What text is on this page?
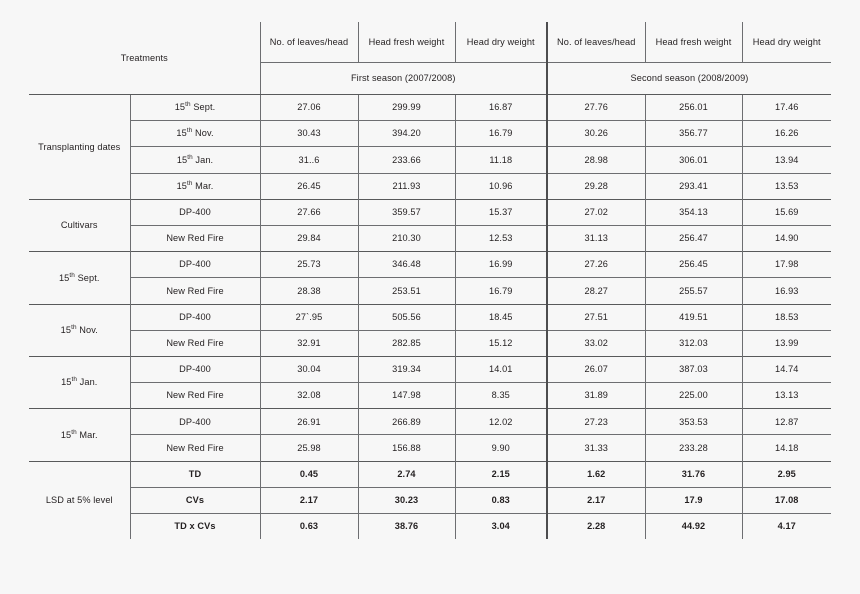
Treatments		No. of leaves/head	Head fresh weight	Head dry weight	No. of leaves/head	Head fresh weight	Head dry weight
		First season (2007/2008)			Second season (2008/2009)		
Transplanting dates	15th Sept.	27.06	299.99	16.87	27.76	256.01	17.46
	15th Nov.	30.43	394.20	16.79	30.26	356.77	16.26
	15th Jan.	31..6	233.66	11.18	28.98	306.01	13.94
	15th Mar.	26.45	211.93	10.96	29.28	293.41	13.53
Cultivars	DP-400	27.66	359.57	15.37	27.02	354.13	15.69
	New Red Fire	29.84	210.30	12.53	31.13	256.47	14.90
15th Sept.	DP-400	25.73	346.48	16.99	27.26	256.45	17.98
	New Red Fire	28.38	253.51	16.79	28.27	255.57	16.93
15th Nov.	DP-400	27`.95	505.56	18.45	27.51	419.51	18.53
	New Red Fire	32.91	282.85	15.12	33.02	312.03	13.99
15th Jan.	DP-400	30.04	319.34	14.01	26.07	387.03	14.74
	New Red Fire	32.08	147.98	8.35	31.89	225.00	13.13
15th Mar.	DP-400	26.91	266.89	12.02	27.23	353.53	12.87
	New Red Fire	25.98	156.88	9.90	31.33	233.28	14.18
LSD at 5% level	TD	0.45	2.74	2.15	1.62	31.76	2.95
	CVs	2.17	30.23	0.83	2.17	17.9	17.08
	TD x CVs	0.63	38.76	3.04	2.28	44.92	4.17
